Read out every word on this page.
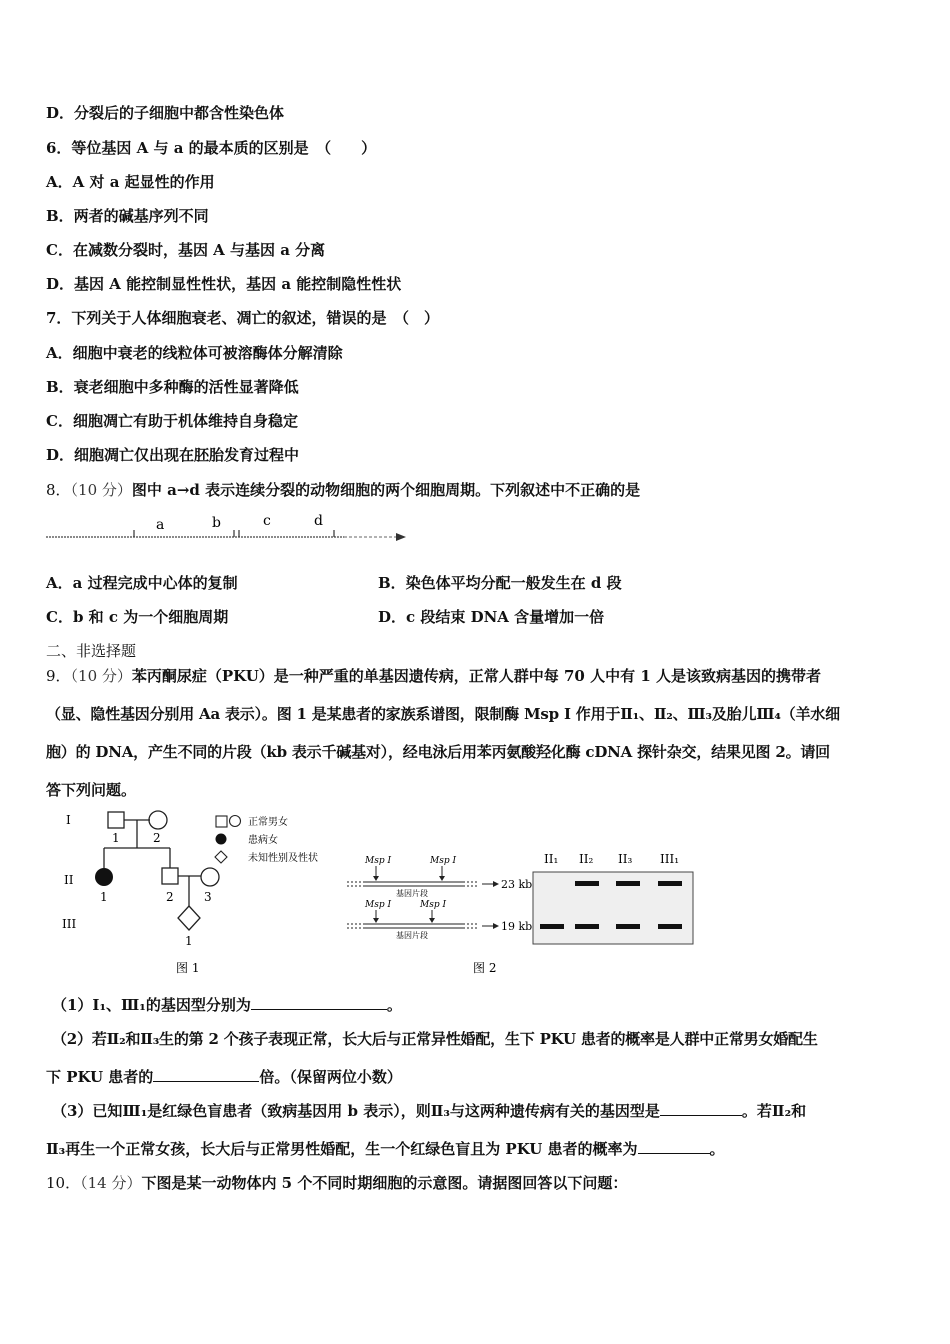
D．分裂后的子细胞中都含性染色体
6．等位基因 A 与 a 的最本质的区别是　（　　）
A．A 对 a 起显性的作用
B．两者的碱基序列不同
C．在减数分裂时，基因 A 与基因 a 分离
D．基因 A 能控制显性性状，基因 a 能控制隐性性状
7．下列关于人体细胞衰老、凋亡的叙述，错误的是　（　）
A．细胞中衰老的线粒体可被溶酶体分解清除
B．衰老细胞中多种酶的活性显著降低
C．细胞凋亡有助于机体维持自身稳定
D．细胞凋亡仅出现在胚胎发育过程中
8．（10 分）图中 a→d 表示连续分裂的动物细胞的两个细胞周期。下列叙述中不正确的是
a	b	c	d
A．a 过程完成中心体的复制	B．染色体平均分配一般发生在 d 段
C．b 和 c 为一个细胞周期	D．c 段结束 DNA 含量增加一倍
二、非选择题
9．（10 分）苯丙酮尿症（PKU）是一种严重的单基因遗传病，正常人群中每 70 人中有 1 人是该致病基因的携带者
（显、隐性基因分别用 Aa 表示）。图 1 是某患者的家族系谱图，限制酶 Msp I 作用于Ⅱ₁、Ⅱ₂、Ⅲ₃及胎儿Ⅲ₄（羊水细
胞）的 DNA，产生不同的片段（kb 表示千碱基对），经电泳后用苯丙氨酸羟化酶 cDNA 探针杂交，结果见图 2。请回
答下列问题。
I
II
III
1	2
1	2	3
1
正常男女
患病女
未知性别及性状
图 1
Msp I	Msp I
基因片段
23 kb
Msp I	Msp I
基因片段
19 kb
II₁ II₂ II₃ III₁
图 2
（1）I₁、Ⅲ₁的基因型分别为	。
（2）若Ⅱ₂和Ⅱ₃生的第 2 个孩子表现正常，长大后与正常异性婚配，生下 PKU 患者的概率是人群中正常男女婚配生
下 PKU 患者的	倍。（保留两位小数）
（3）已知Ⅲ₁是红绿色盲患者（致病基因用 b 表示），则Ⅱ₃与这两种遗传病有关的基因型是	。若Ⅱ₂和
Ⅱ₃再生一个正常女孩，长大后与正常男性婚配，生一个红绿色盲且为 PKU 患者的概率为	。
10．（14 分）下图是某一动物体内 5 个不同时期细胞的示意图。请据图回答以下问题：
